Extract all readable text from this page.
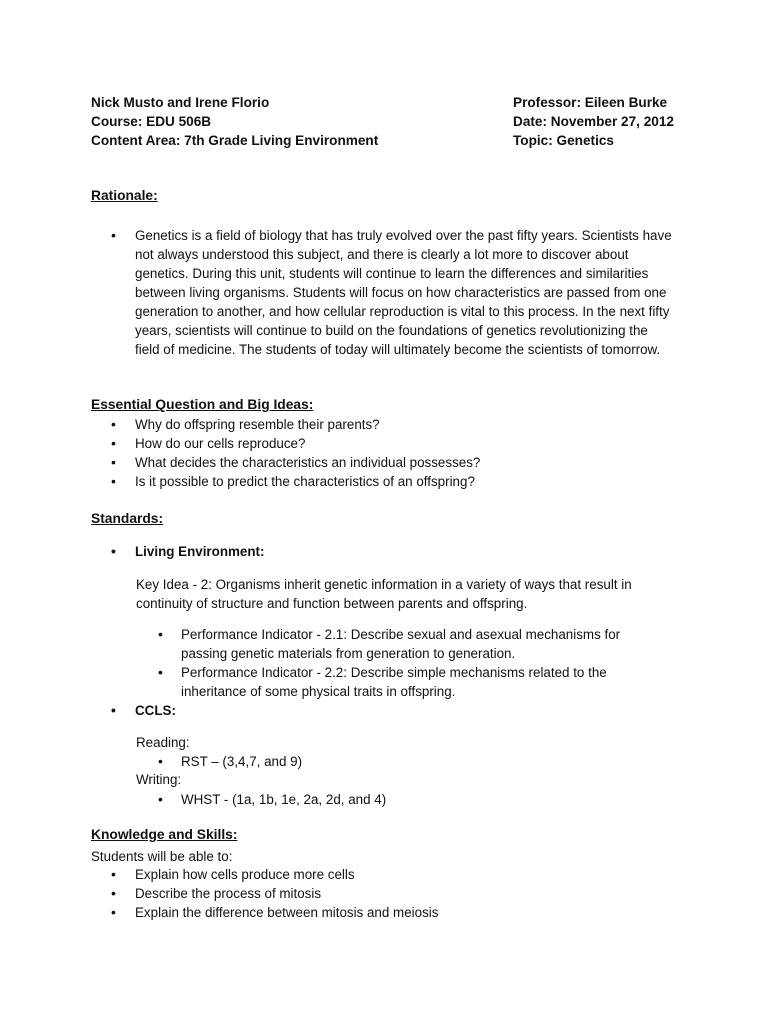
Nick Musto and Irene Florio
Course: EDU 506B
Content Area: 7th Grade Living Environment
Professor: Eileen Burke
Date: November 27, 2012
Topic: Genetics
Rationale:
• Genetics is a field of biology that has truly evolved over the past fifty years. Scientists have not always understood this subject, and there is clearly a lot more to discover about genetics. During this unit, students will continue to learn the differences and similarities between living organisms. Students will focus on how characteristics are passed from one generation to another, and how cellular reproduction is vital to this process. In the next fifty years, scientists will continue to build on the foundations of genetics revolutionizing the field of medicine. The students of today will ultimately become the scientists of tomorrow.
Essential Question and Big Ideas:
• Why do offspring resemble their parents?
• How do our cells reproduce?
• What decides the characteristics an individual possesses?
• Is it possible to predict the characteristics of an offspring?
Standards:
• Living Environment:
Key Idea - 2: Organisms inherit genetic information in a variety of ways that result in continuity of structure and function between parents and offspring.
• Performance Indicator - 2.1: Describe sexual and asexual mechanisms for passing genetic materials from generation to generation.
• Performance Indicator - 2.2: Describe simple mechanisms related to the inheritance of some physical traits in offspring.
• CCLS:
Reading:
• RST – (3,4,7, and 9)
Writing:
• WHST - (1a, 1b, 1e, 2a, 2d, and 4)
Knowledge and Skills:
Students will be able to:
• Explain how cells produce more cells
• Describe the process of mitosis
• Explain the difference between mitosis and meiosis
